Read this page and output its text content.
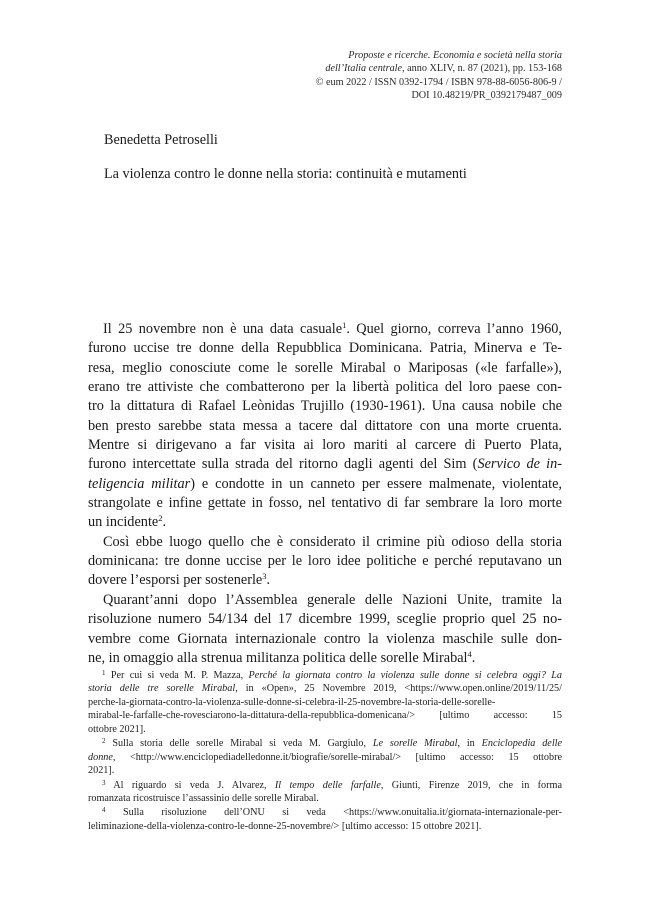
Proposte e ricerche. Economia e società nella storia
dell’Italia centrale, anno XLIV, n. 87 (2021), pp. 153-168
© eum 2022 / ISSN 0392-1794 / ISBN 978-88-6056-806-9 /
DOI 10.48219/PR_0392179487_009
Benedetta Petroselli
La violenza contro le donne nella storia: continuità e mutamenti
Il 25 novembre non è una data casuale$^1$. Quel giorno, correva l’anno 1960,
furono uccise tre donne della Repubblica Dominicana. Patria, Minerva e Te-
resa, meglio conosciute come le sorelle Mirabal o Mariposas («le farfalle»),
erano tre attiviste che combatterono per la libertà politica del loro paese con-
tro la dittatura di Rafael Leònidas Trujillo (1930-1961). Una causa nobile che
ben presto sarebbe stata messa a tacere dal dittatore con una morte cruenta.
Mentre si dirigevano a far visita ai loro mariti al carcere di Puerto Plata,
furono intercettate sulla strada del ritorno dagli agenti del Sim (Servico de in-
teligencia militar) e condotte in un canneto per essere malmenate, violentate,
strangolate e infine gettate in fosso, nel tentativo di far sembrare la loro morte
un incidente$^2$.
Così ebbe luogo quello che è considerato il crimine più odioso della storia
dominicana: tre donne uccise per le loro idee politiche e perché reputavano un
dovere l’esporsi per sostenerle$^3$.
Quarant’anni dopo l’Assemblea generale delle Nazioni Unite, tramite la
risoluzione numero 54/134 del 17 dicembre 1999, sceglie proprio quel 25 no-
vembre come Giornata internazionale contro la violenza maschile sulle don-
ne, in omaggio alla strenua militanza politica delle sorelle Mirabal$^4$.
$^1$ Per cui si veda M. P. Mazza, Perché la giornata contro la violenza sulle donne si celebra oggi? La
storia delle tre sorelle Mirabal, in «Open», 25 Novembre 2019, <https://www.open.online/2019/11/25/
perche-la-giornata-contro-la-violenza-sulle-donne-si-celebra-il-25-novembre-la-storia-delle-sorelle-
mirabal-le-farfalle-che-rovesciarono-la-dittatura-della-repubblica-domenicana/> [ultimo accesso: 15
ottobre 2021].
$^2$ Sulla storia delle sorelle Mirabal si veda M. Gargiulo, Le sorelle Mirabal, in Enciclopedia delle
donne, <http://www.enciclopediadelledonne.it/biografie/sorelle-mirabal/> [ultimo accesso: 15 ottobre
2021].
$^3$ Al riguardo si veda J. Alvarez, Il tempo delle farfalle, Giunti, Firenze 2019, che in forma
romanzata ricostruisce l’assassinio delle sorelle Mirabal.
$^4$ Sulla risoluzione dell’ONU si veda <https://www.onuitalia.it/giornata-internazionale-per-
leliminazione-della-violenza-contro-le-donne-25-novembre/> [ultimo accesso: 15 ottobre 2021].
